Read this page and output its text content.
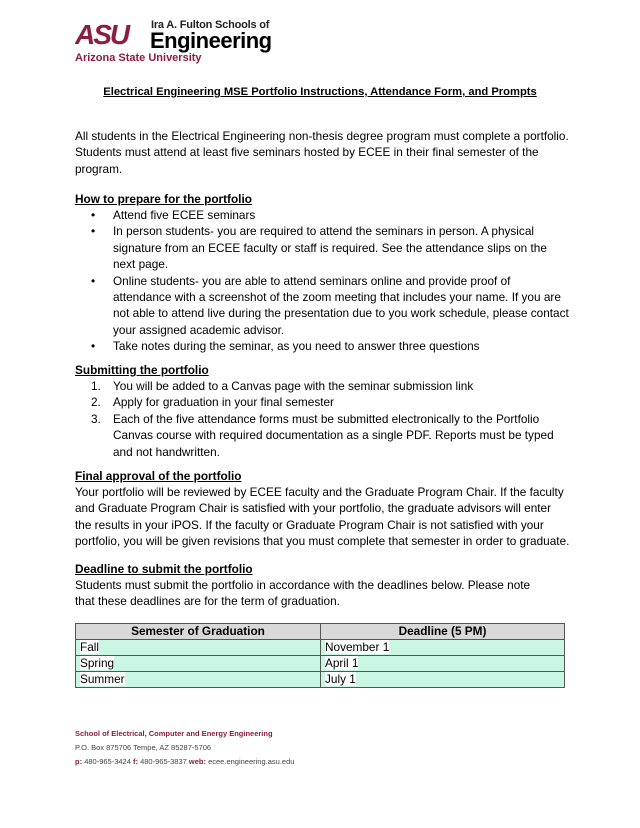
ASU Ira A. Fulton Schools of
Engineering
Arizona State University
Electrical Engineering MSE Portfolio Instructions, Attendance Form, and Prompts
All students in the Electrical Engineering non-thesis degree program must complete a portfolio. Students must attend at least five seminars hosted by ECEE in their final semester of the program.
How to prepare for the portfolio
• Attend five ECEE seminars
• In person students- you are required to attend the seminars in person. A physical signature from an ECEE faculty or staff is required. See the attendance slips on the next page.
• Online students- you are able to attend seminars online and provide proof of attendance with a screenshot of the zoom meeting that includes your name. If you are not able to attend live during the presentation due to you work schedule, please contact your assigned academic advisor.
• Take notes during the seminar, as you need to answer three questions
Submitting the portfolio
1. You will be added to a Canvas page with the seminar submission link
2. Apply for graduation in your final semester
3. Each of the five attendance forms must be submitted electronically to the Portfolio Canvas course with required documentation as a single PDF. Reports must be typed and not handwritten.
Final approval of the portfolio
Your portfolio will be reviewed by ECEE faculty and the Graduate Program Chair. If the faculty and Graduate Program Chair is satisfied with your portfolio, the graduate advisors will enter the results in your iPOS. If the faculty or Graduate Program Chair is not satisfied with your portfolio, you will be given revisions that you must complete that semester in order to graduate.
Deadline to submit the portfolio
Students must submit the portfolio in accordance with the deadlines below. Please note
that these deadlines are for the term of graduation.
Semester of Graduation	Deadline (5 PM)
Fall	November 1
Spring	April 1
Summer	July 1
School of Electrical, Computer and Energy Engineering
P.O. Box 875706 Tempe, AZ 85287-5706
p: 480-965-3424 f: 480-965-3837 web: ecee.engineering.asu.edu
